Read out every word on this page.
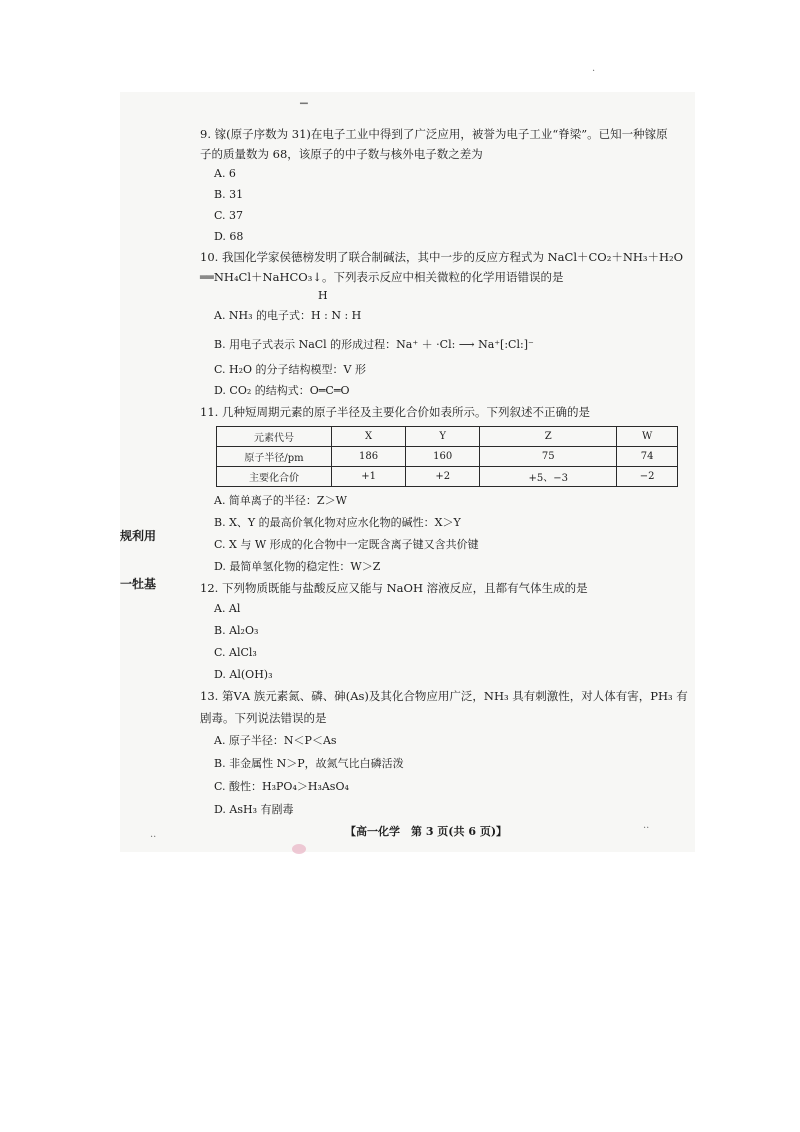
▔
·
··
··
9. 镓(原子序数为 31)在电子工业中得到了广泛应用，被誉为电子工业“脊梁”。已知一种镓原
子的质量数为 68，该原子的中子数与核外电子数之差为
A. 6
B. 31
C. 37
D. 68
10. 我国化学家侯德榜发明了联合制碱法，其中一步的反应方程式为 NaCl＋CO₂＋NH₃＋H₂O
══NH₄Cl＋NaHCO₃↓。下列表示反应中相关微粒的化学用语错误的是
H
A. NH₃ 的电子式：H : N : H
B. 用电子式表示 NaCl 的形成过程：Na⁺ ＋ ·Cl: ⟶ Na⁺[:Cl:]⁻
C. H₂O 的分子结构模型：V 形
D. CO₂ 的结构式：O═C═O
11. 几种短周期元素的原子半径及主要化合价如表所示。下列叙述不正确的是
元素代号	X	Y	Z	W
原子半径/pm	186	160	75	74
主要化合价	+1	+2	+5、−3	−2
A. 简单离子的半径：Z＞W
B. X、Y 的最高价氧化物对应水化物的碱性：X＞Y
C. X 与 W 形成的化合物中一定既含离子键又含共价键
D. 最简单氢化物的稳定性：W＞Z
规利用
一牡基	12. 下列物质既能与盐酸反应又能与 NaOH 溶液反应，且都有气体生成的是
A. Al
B. Al₂O₃
C. AlCl₃
D. Al(OH)₃
13. 第ⅤA 族元素氮、磷、砷(As)及其化合物应用广泛，NH₃ 具有刺激性，对人体有害，PH₃ 有
剧毒。下列说法错误的是
A. 原子半径：N＜P＜As
B. 非金属性 N＞P，故氮气比白磷活泼
C. 酸性：H₃PO₄＞H₃AsO₄
D. AsH₃ 有剧毒
【高一化学　第 3 页(共 6 页)】
